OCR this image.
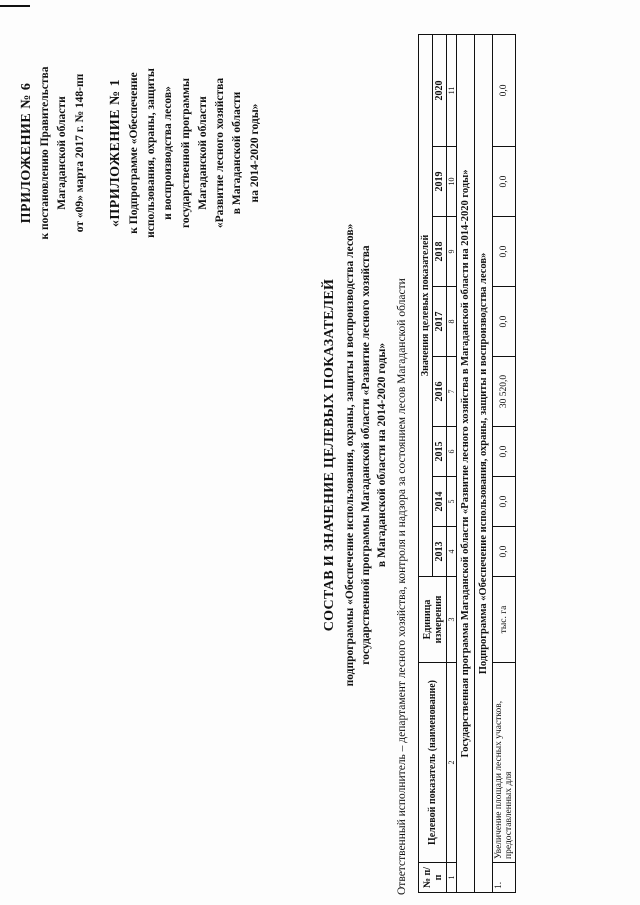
ПРИЛОЖЕНИЕ № 6 к постановлению Правительства Магаданской области от «09» марта 2017 г. № 148-пп «ПРИЛОЖЕНИЕ № 1 к Подпрограмме «Обеспечение использования, охраны, защиты и воспроизводства лесов» государственной программы Магаданской области «Развитие лесного хозяйства в Магаданской области на 2014-2020 годы»
СОСТАВ И ЗНАЧЕНИЕ ЦЕЛЕВЫХ ПОКАЗАТЕЛЕЙ подпрограммы «Обеспечение использования, охраны, защиты и воспроизводства лесов» государственной программы Магаданской области «Развитие лесного хозяйства в Магаданской области на 2014-2020 годы» Ответственный исполнитель – департамент лесного хозяйства, контроля и надзора за состоянием лесов Магаданской области № п/п	Целевой показатель (наименование)	Единица измерения	Значения целевых показателей							
			2013	2014	2015	2016	2017	2018	2019	2020
1	2	3	4	5	6	7	8	9	10	11
Государственная программа Магаданской области «Развитие лесного хозяйства в Магаданской области на 2014-2020 годы»										
Подпрограмма «Обеспечение использования, охраны, защиты и воспроизводства лесов»										
1.	Увеличение площади лесных участков, предоставленных для	тыс. га	0,0	0,0	0,0	30 520,0	0,0	0,0	0,0	0,0
